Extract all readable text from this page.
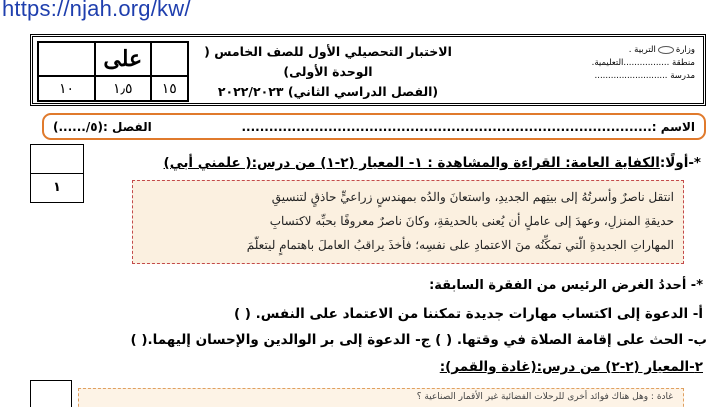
https://njah.org/kw/
	على	
١٥	١٫٥	١٠
الاختبار التحصيلي الأول للصف الخامس ( الوحدة الأولى)
(الفصل الدراسي الثاني) ٢٠٢٢/٢٠٢٣
وزارةالتربية .
منطقة .................التعليمية.
مدرسة ...........................
الاسم :..........................................................................................
الفصل :(٥/......)
١
*-أولًا:الكفاية العامة: القراءة والمشاهدة : ١- المعيار (٢-١) من درس:( علمني أبي)
انتقل ناصرٌ وأسرتُهُ إلى بيتِهم الجديدِ، واستعانَ والدُه بمهندسٍ زراعيٍّ حاذقٍ لتنسيقِ
حديقةِ المنزلِ، وعهدَ إلى عاملٍ أن يُعنى بالحديقةِ، وكانَ ناصرٌ معروفًا بحبِّه لاكتسابِ
المهاراتِ الجديدةِ الّتي تمكِّنُه منَ الاعتمادِ على نفسِه؛ فأخذَ يراقبُ العاملَ باهتمامٍ ليتعلّمَ
*- أحددُ الغرض الرئيس من الفقرة السابقة:
أ- الدعوة إلى اكتساب مهارات جديدة تمكننا من الاعتماد على النفس. ( )
ب- الحث على إقامة الصلاة في وقتها. ( ) ج- الدعوة إلى بر الوالدين والإحسان إليهما.( )
٢-المعيار (٢-٢) من درس:(غادة والقمر):
غادة : وهل هناك فوائد أخرى للرحلات الفضائية غير الأقمار الصناعية ؟
